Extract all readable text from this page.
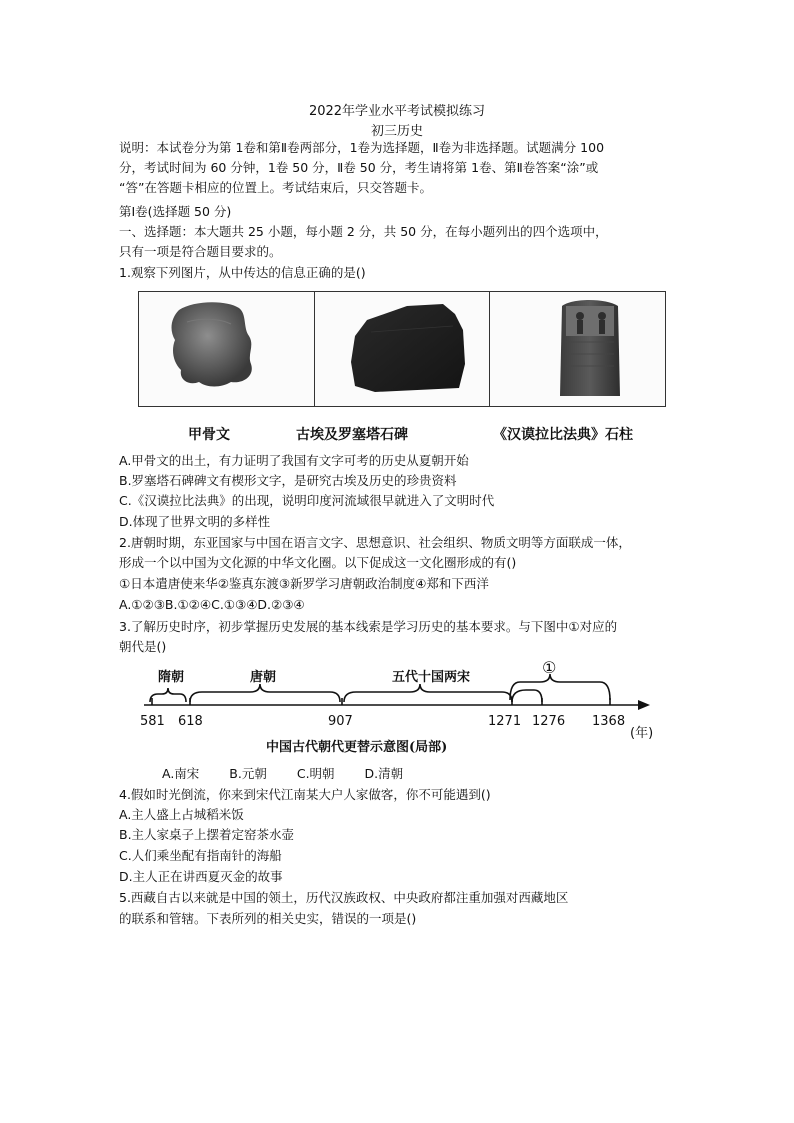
2022年学业水平考试模拟练习
初三历史
说明：本试卷分为第 1卷和第Ⅱ卷两部分，1卷为选择题，Ⅱ卷为非选择题。试题满分 100
分，考试时间为 60 分钟，1卷 50 分，Ⅱ卷 50 分，考生请将第 1卷、第Ⅱ卷答案“涂”或
“答”在答题卡相应的位置上。考试结束后，只交答题卡。
第Ⅰ卷(选择题 50 分)
一、选择题：本大题共 25 小题，每小题 2 分，共 50 分，在每小题列出的四个选项中，
只有一项是符合题目要求的。
1.观察下列图片，从中传达的信息正确的是()
甲骨文	古埃及罗塞塔石碑	《汉谟拉比法典》石柱
A.甲骨文的出土，有力证明了我国有文字可考的历史从夏朝开始
B.罗塞塔石碑碑文有楔形文字，是研究古埃及历史的珍贵资料
C.《汉谟拉比法典》的出现，说明印度河流域很早就进入了文明时代
D.体现了世界文明的多样性
2.唐朝时期，东亚国家与中国在语言文字、思想意识、社会组织、物质文明等方面联成一体，
形成一个以中国为文化源的中华文化圈。以下促成这一文化圈形成的有()
①日本遣唐使来华②鉴真东渡③新罗学习唐朝政治制度④郑和下西洋
A.①②③B.①②④C.①③④D.②③④
3.了解历史时序，初步掌握历史发展的基本线索是学习历史的基本要求。与下图中①对应的
朝代是()
隋朝	唐朝	五代十国两宋
①
581 618	907	1271 1276 1368
(年)
中国古代朝代更替示意图(局部)
A.南宋 B.元朝 C.明朝 D.清朝
4.假如时光倒流，你来到宋代江南某大户人家做客，你不可能遇到()
A.主人盛上占城稻米饭
B.主人家桌子上摆着定窑茶水壶
C.人们乘坐配有指南针的海船
D.主人正在讲西夏灭金的故事
5.西藏自古以来就是中国的领土，历代汉族政权、中央政府都注重加强对西藏地区
的联系和管辖。下表所列的相关史实，错误的一项是()
